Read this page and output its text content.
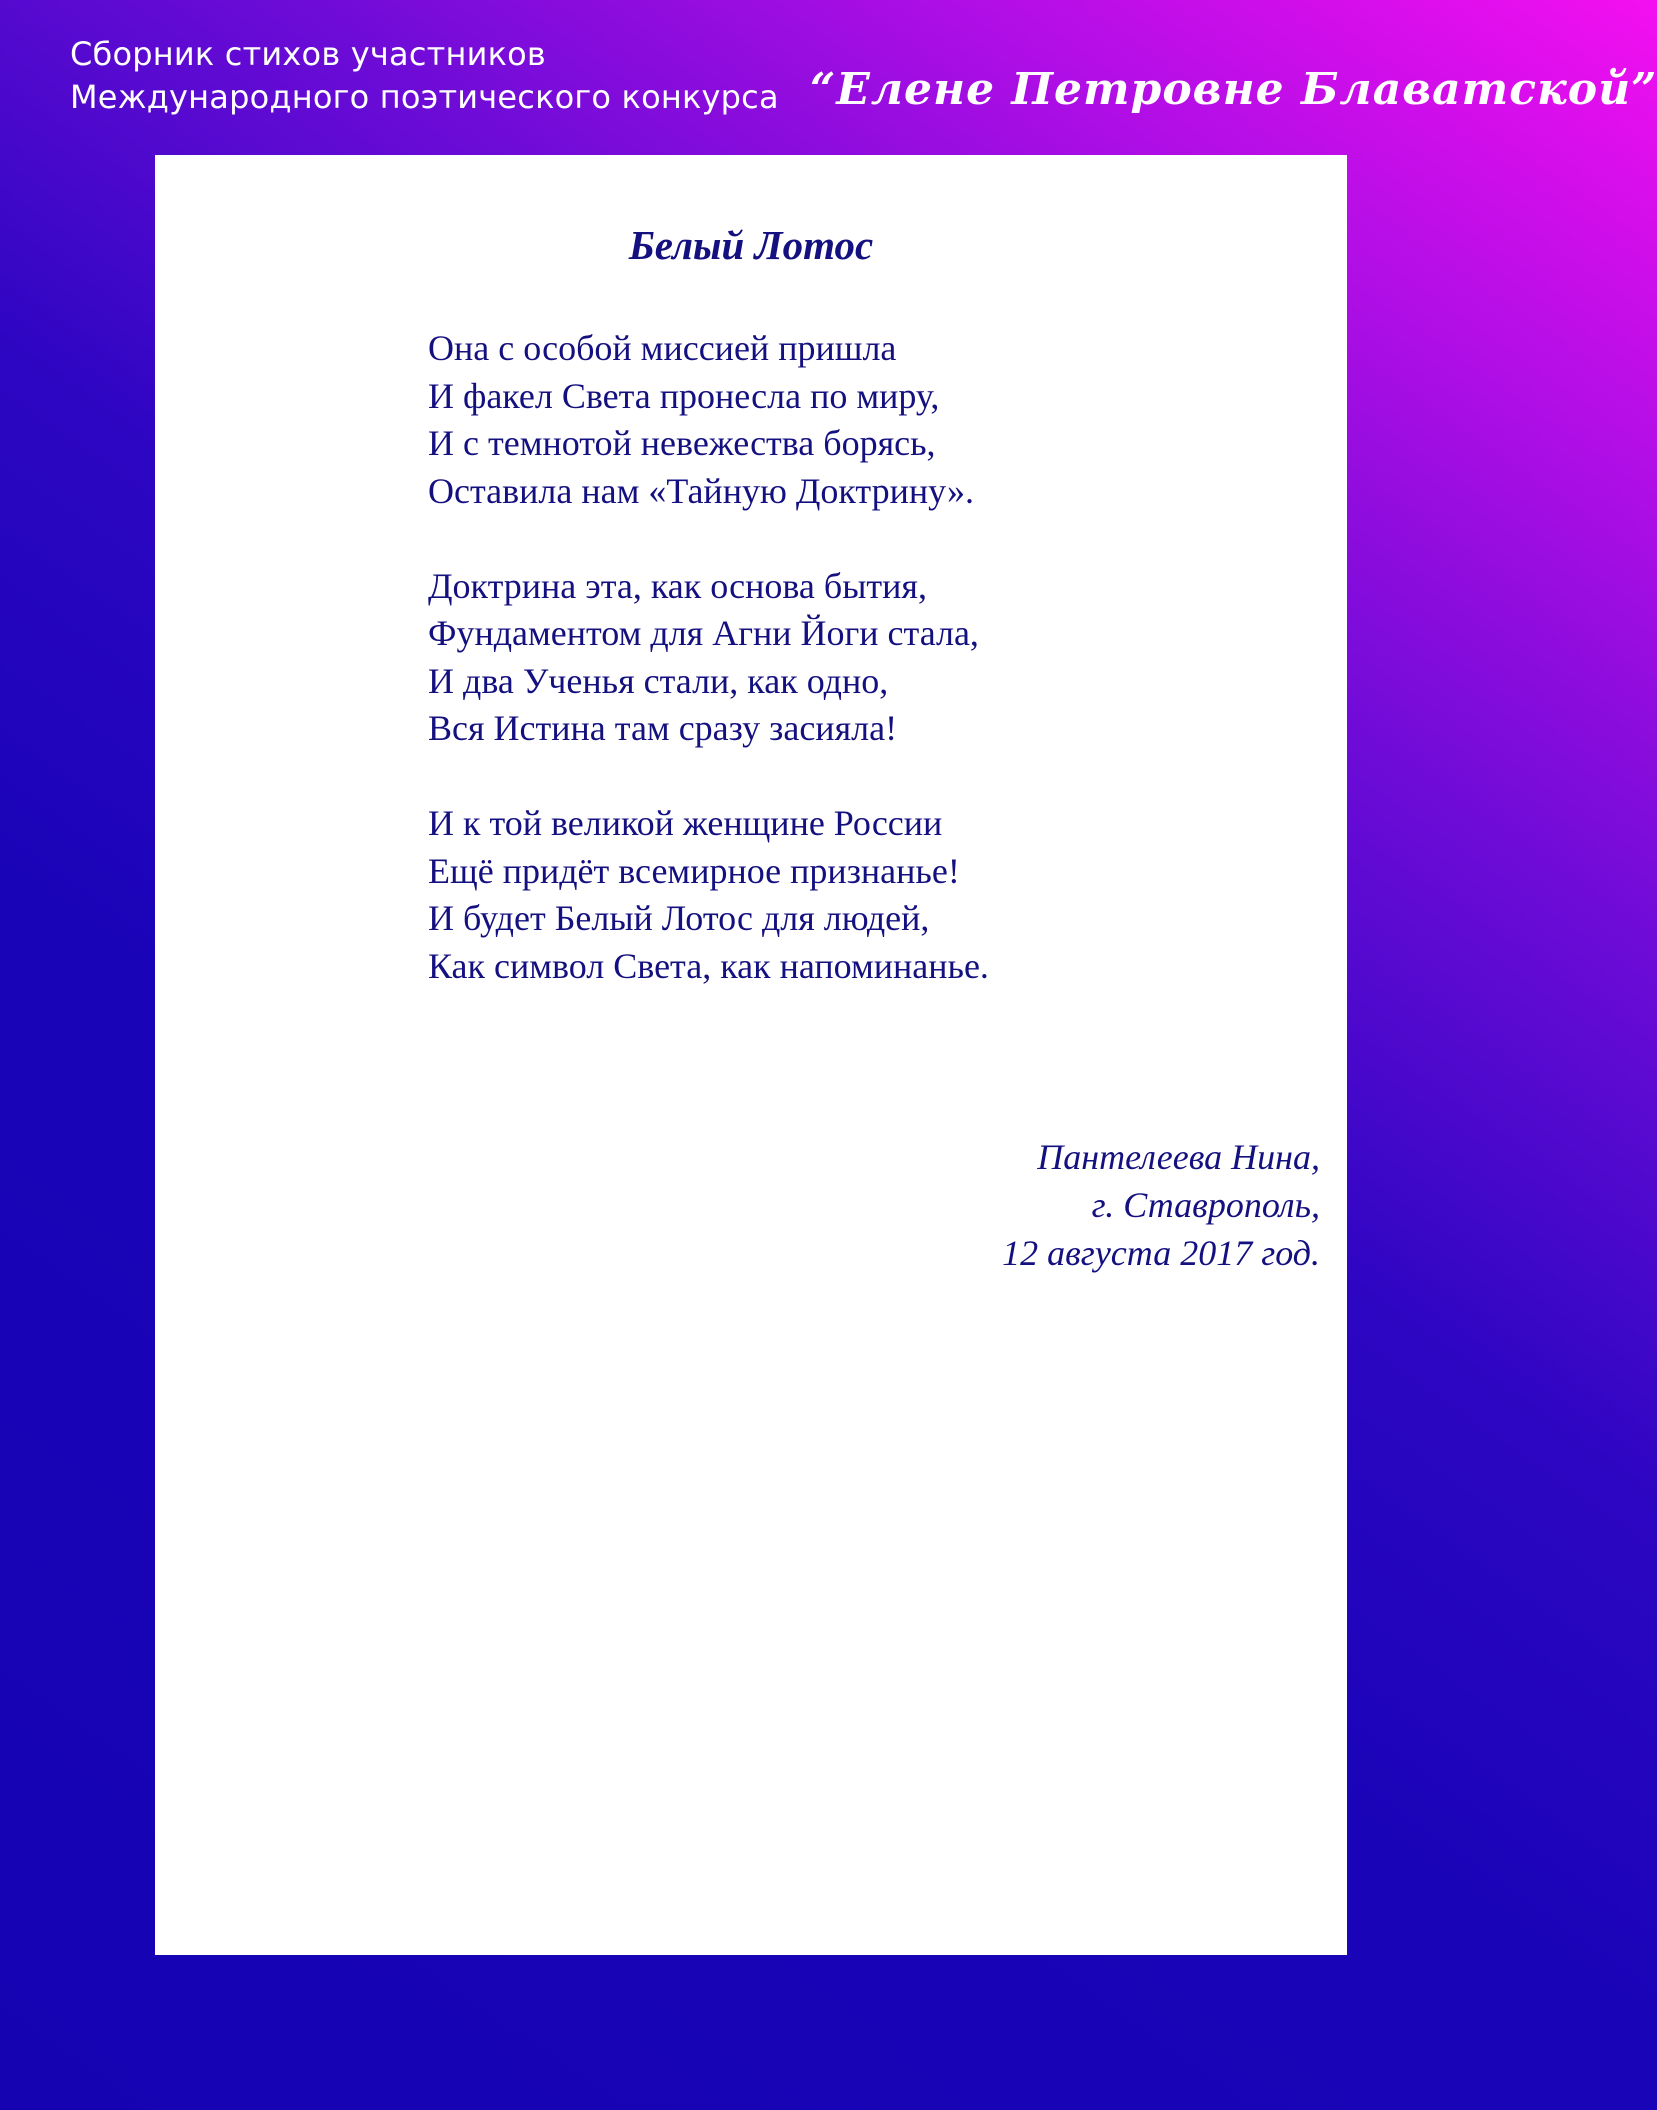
Сборник стихов участников
Международного поэтического конкурса “Елене Петровне Блаватской”
Белый Лотос
Она с особой миссией пришла
И факел Света пронесла по миру,
И с темнотой невежества борясь,
Оставила нам «Тайную Доктрину».
Доктрина эта, как основа бытия,
Фундаментом для Агни Йоги стала,
И два Ученья стали, как одно,
Вся Истина там сразу засияла!
И к той великой женщине России
Ещё придёт всемирное признанье!
И будет Белый Лотос для людей,
Как символ Света, как напоминанье.
Пантелеева Нина,
г. Ставрополь,
12 августа 2017 год.
